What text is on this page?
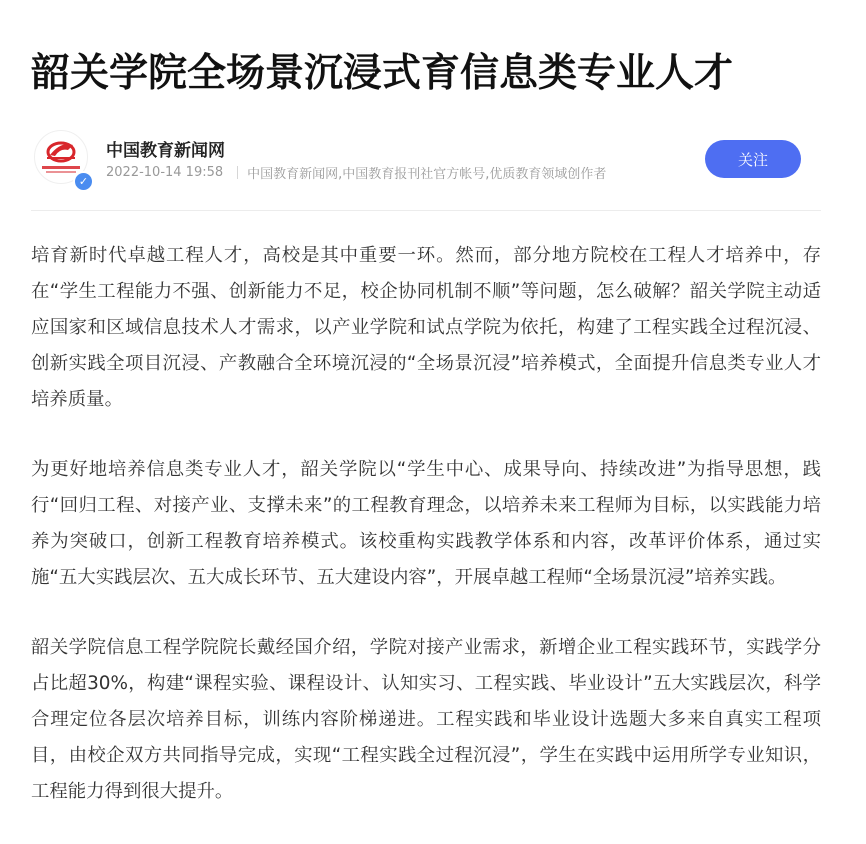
韶关学院全场景沉浸式育信息类专业人才
✓
中国教育新闻网
2022-10-14 19:58 中国教育新闻网,中国教育报刊社官方帐号,优质教育领域创作者
关注

培育新时代卓越工程人才，高校是其中重要一环。然而，部分地方院校在工程人才培养中，存在“学生工程能力不强、创新能力不足，校企协同机制不顺”等问题，怎么破解？韶关学院主动适应国家和区域信息技术人才需求，以产业学院和试点学院为依托，构建了工程实践全过程沉浸、创新实践全项目沉浸、产教融合全环境沉浸的“全场景沉浸”培养模式，全面提升信息类专业人才培养质量。

为更好地培养信息类专业人才，韶关学院以“学生中心、成果导向、持续改进”为指导思想，践行“回归工程、对接产业、支撑未来”的工程教育理念，以培养未来工程师为目标，以实践能力培养为突破口，创新工程教育培养模式。该校重构实践教学体系和内容，改革评价体系，通过实施“五大实践层次、五大成长环节、五大建设内容”，开展卓越工程师“全场景沉浸”培养实践。

韶关学院信息工程学院院长戴经国介绍，学院对接产业需求，新增企业工程实践环节，实践学分占比超30%，构建“课程实验、课程设计、认知实习、工程实践、毕业设计”五大实践层次，科学合理定位各层次培养目标，训练内容阶梯递进。工程实践和毕业设计选题大多来自真实工程项目，由校企双方共同指导完成，实现“工程实践全过程沉浸”，学生在实践中运用所学专业知识，工程能力得到很大提升。
